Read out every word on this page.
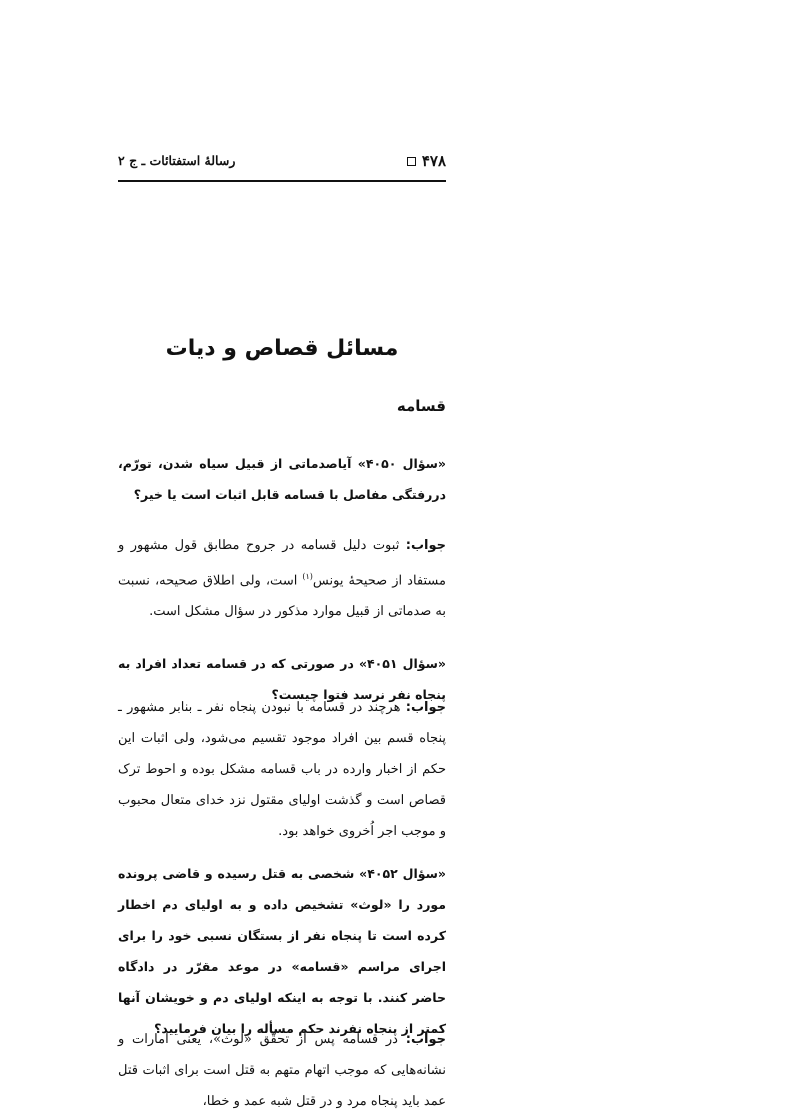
۴۷۸
رسالهٔ استفتائات ـ ج ۲
مسائل قصاص و دیات
قسامه
«سؤال ۴۰۵۰» آیاصدماتی از قبیل سیاه شدن، تورّم، دررفتگی مفاصل با قسامه قابل اثبات است یا خیر؟
جواب: ثبوت دلیل قسامه در جروح مطابق قول مشهور و مستفاد از صحیحهٔ یونس$^{(۱)}$ است، ولی اطلاق صحیحه، نسبت به صدماتی از قبیل موارد مذکور در سؤال مشکل است.
«سؤال ۴۰۵۱» در صورتی که در قسامه تعداد افراد به پنجاه نفر نرسد فتوا چیست؟
جواب: هرچند در قسامه با نبودن پنجاه نفر ـ بنابر مشهور ـ پنجاه قسم بین افراد موجود تقسیم می‌شود، ولی اثبات این حکم از اخبار وارده در باب قسامه مشکل بوده و احوط ترک قصاص است و گذشت اولیای مقتول نزد خدای متعال محبوب و موجب اجر اُخروی خواهد بود.
«سؤال ۴۰۵۲» شخصی به قتل رسیده و قاضی پرونده مورد را «لوث» تشخیص داده و به اولیای دم اخطار کرده است تا پنجاه نفر از بستگان نسبی خود را برای اجرای مراسم «قسامه» در موعد مقرّر در دادگاه حاضر کنند. با توجه به اینکه اولیای دم و خویشان آنها کمتر از پنجاه نفرند حکم مسأله را بیان فرمایید؟
جواب: در قسامه پس از تحقّق «لوث»، یعنی امارات و نشانه‌هایی که موجب اتهام متهم به قتل است برای اثبات قتل عمد باید پنجاه مرد و در قتل شبه عمد و خطا،
